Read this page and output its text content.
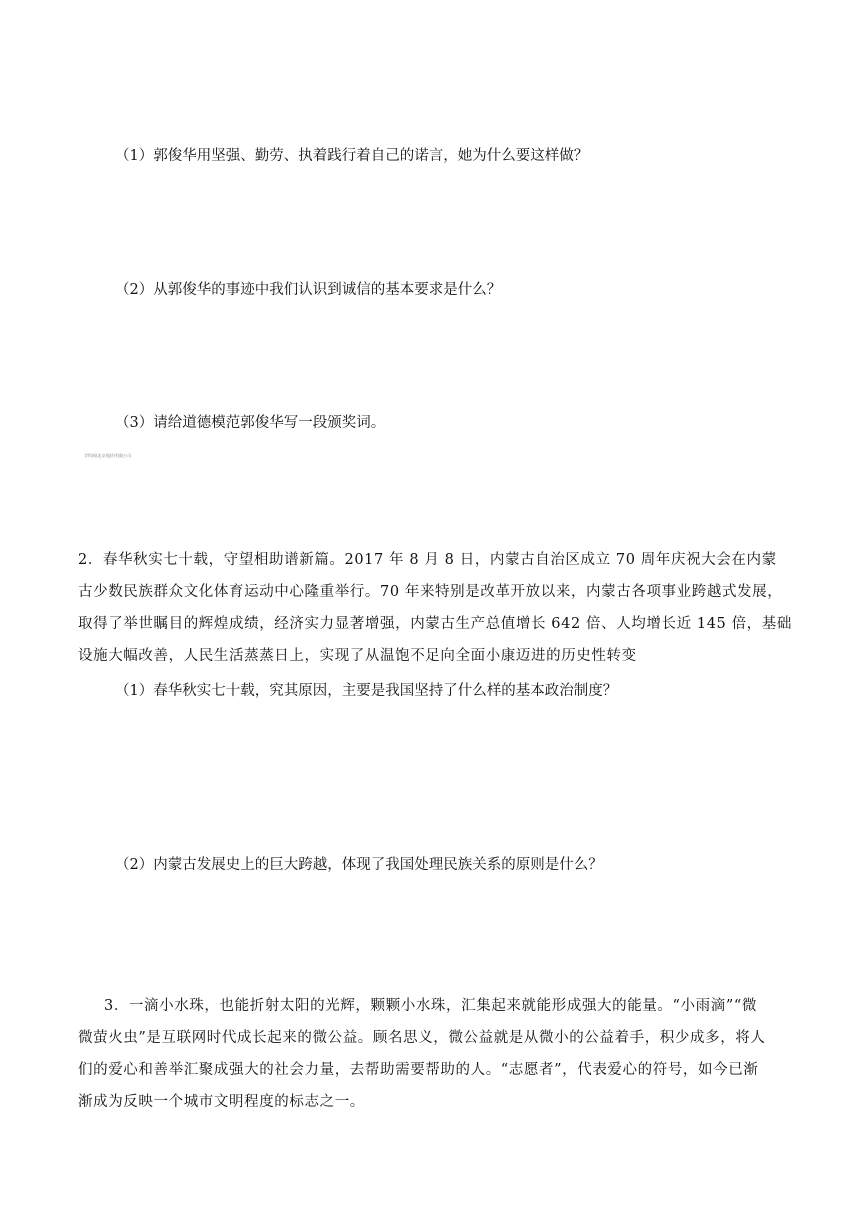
（1）郭俊华用坚强、勤劳、执着践行着自己的诺言，她为什么要这样做？
（2）从郭俊华的事迹中我们认识到诚信的基本要求是什么？
（3）请给道德模范郭俊华写一段颁奖词。
学科网(北京)股份有限公司
2．春华秋实七十载，守望相助谱新篇。2017 年 8 月 8 日，内蒙古自治区成立 70 周年庆祝大会在内蒙
古少数民族群众文化体育运动中心隆重举行。70 年来特别是改革开放以来，内蒙古各项事业跨越式发展，
取得了举世瞩目的辉煌成绩，经济实力显著增强，内蒙古生产总值增长 642 倍、人均增长近 145 倍，基础
设施大幅改善，人民生活蒸蒸日上，实现了从温饱不足向全面小康迈进的历史性转变
（1）春华秋实七十载，究其原因，主要是我国坚持了什么样的基本政治制度？
（2）内蒙古发展史上的巨大跨越，体现了我国处理民族关系的原则是什么？
3．一滴小水珠，也能折射太阳的光辉，颗颗小水珠，汇集起来就能形成强大的能量。“小雨滴”“微
微萤火虫”是互联网时代成长起来的微公益。顾名思义，微公益就是从微小的公益着手，积少成多，将人
们的爱心和善举汇聚成强大的社会力量，去帮助需要帮助的人。“志愿者”，代表爱心的符号，如今已渐
渐成为反映一个城市文明程度的标志之一。
